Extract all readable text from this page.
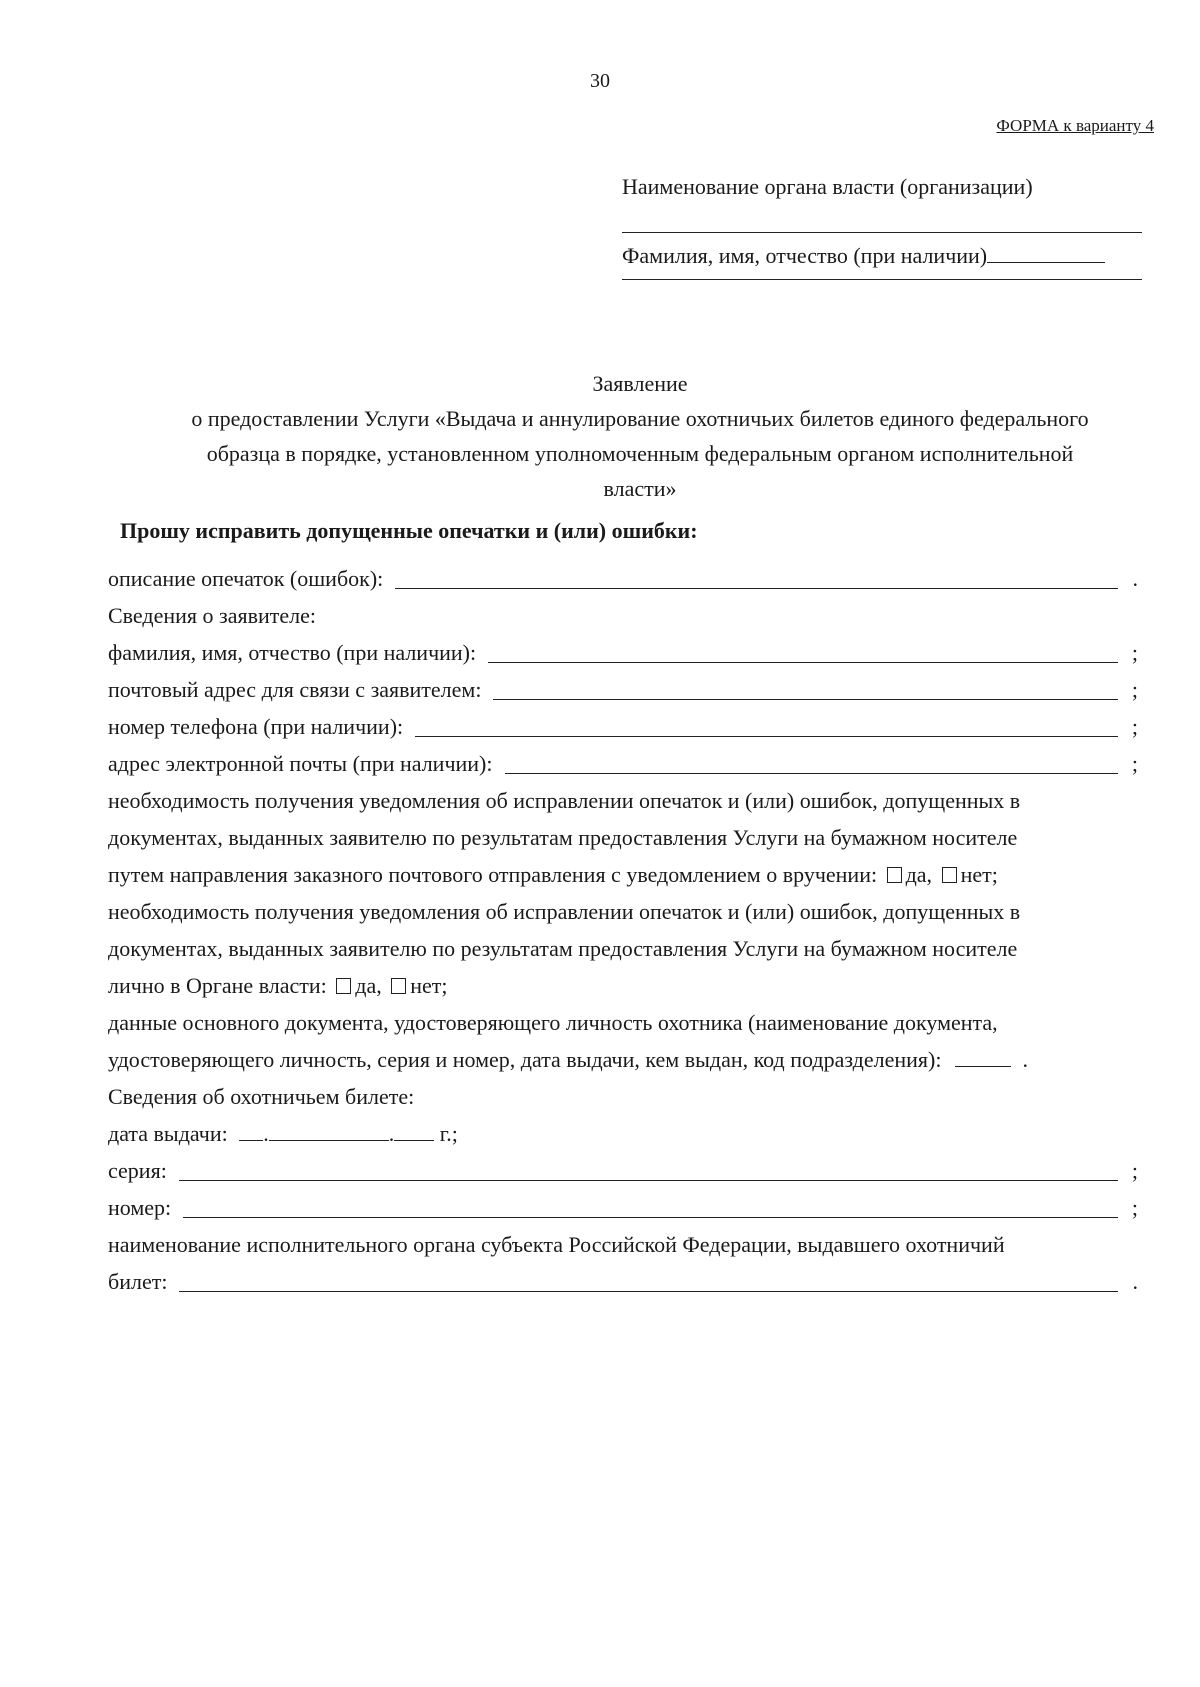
30
ФОРМА к варианту 4
Наименование органа власти (организации)
Фамилия, имя, отчество (при наличии)
Заявление
о предоставлении Услуги «Выдача и аннулирование охотничьих билетов единого федерального
образца в порядке, установленном уполномоченным федеральным органом исполнительной
власти»
Прошу исправить допущенные опечатки и (или) ошибки:
описание опечаток (ошибок):	.
Сведения о заявителе:
фамилия, имя, отчество (при наличии):	;
почтовый адрес для связи с заявителем:	;
номер телефона (при наличии):	;
адрес электронной почты (при наличии):	;
необходимость получения уведомления об исправлении опечаток и (или) ошибок, допущенных в
документах, выданных заявителю по результатам предоставления Услуги на бумажном носителе
путем направления заказного почтового отправления с уведомлением о вручении: да, нет;
необходимость получения уведомления об исправлении опечаток и (или) ошибок, допущенных в
документах, выданных заявителю по результатам предоставления Услуги на бумажном носителе
лично в Органе власти: да, нет;
данные основного документа, удостоверяющего личность охотника (наименование документа,
удостоверяющего личность, серия и номер, дата выдачи, кем выдан, код подразделения):	.
Сведения об охотничьем билете:
дата выдачи: .	. г.;
серия:	;
номер:	;
наименование исполнительного органа субъекта Российской Федерации, выдавшего охотничий
билет:	.
